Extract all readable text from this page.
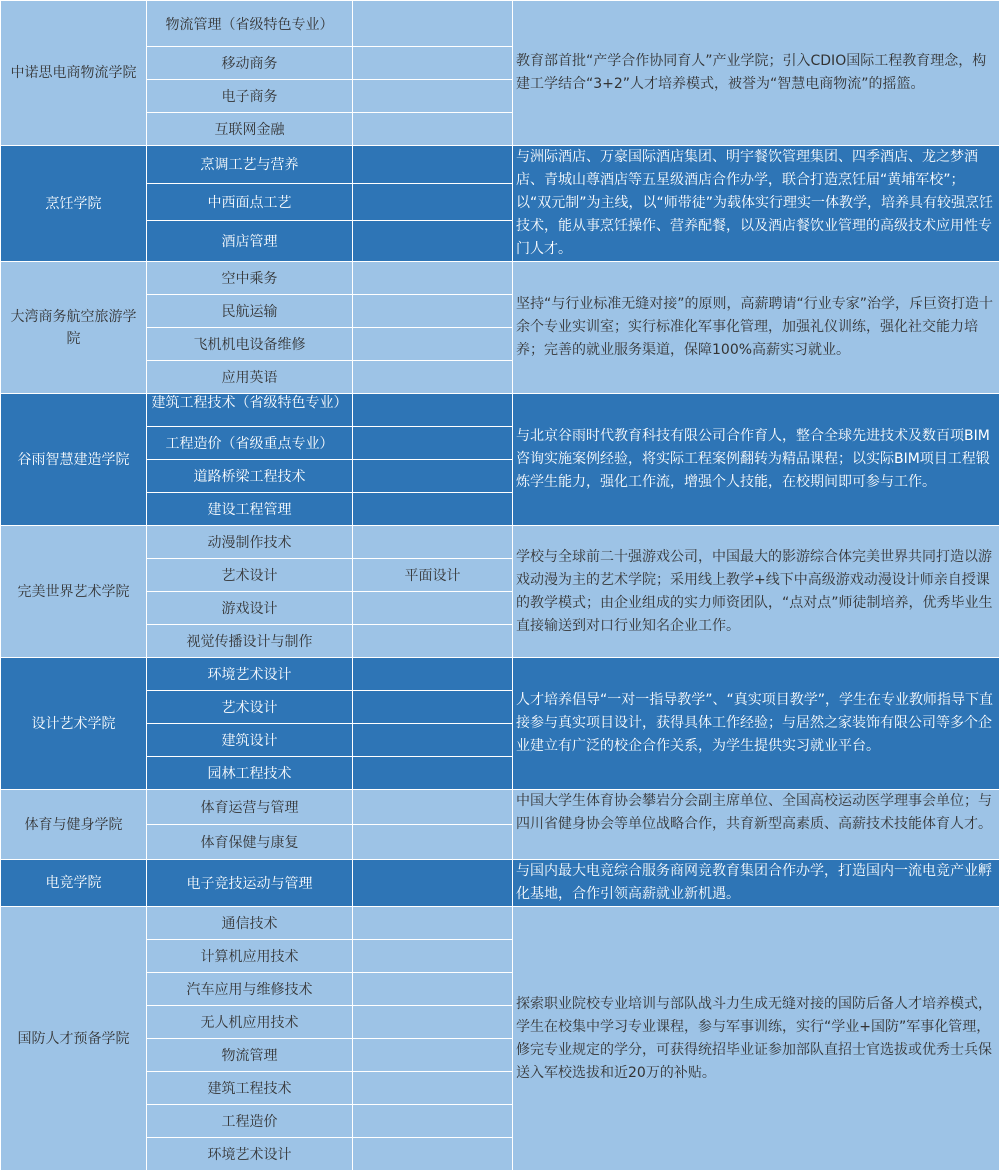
中诺思电商物流学院	物流管理（省级特色专业）		教育部首批“产学合作协同育人”产业学院；引入CDIO国际工程教育理念，构建工学结合“3+2”人才培养模式，被誉为“智慧电商物流”的摇篮。
	移动商务		
	电子商务		
	互联网金融		
烹饪学院	烹调工艺与营养		与洲际酒店、万豪国际酒店集团、明宇餐饮管理集团、四季酒店、龙之梦酒店、青城山尊酒店等五星级酒店合作办学，联合打造烹饪届“黄埔军校”；以“双元制”为主线，以“师带徒”为载体实行理实一体教学，培养具有较强烹饪技术，能从事烹饪操作、营养配餐，以及酒店餐饮业管理的高级技术应用性专门人才。
	中西面点工艺		
	酒店管理		
大湾商务航空旅游学院	空中乘务		坚持“与行业标准无缝对接”的原则，高薪聘请“行业专家”治学，斥巨资打造十余个专业实训室；实行标准化军事化管理，加强礼仪训练，强化社交能力培养；完善的就业服务渠道，保障100%高薪实习就业。
	民航运输		
	飞机机电设备维修		
	应用英语		
谷雨智慧建造学院	建筑工程技术（省级特色专业）		与北京谷雨时代教育科技有限公司合作育人，整合全球先进技术及数百项BIM咨询实施案例经验，将实际工程案例翻转为精品课程；以实际BIM项目工程锻炼学生能力，强化工作流，增强个人技能，在校期间即可参与工作。
	工程造价（省级重点专业）		
	道路桥梁工程技术		
	建设工程管理		
完美世界艺术学院	动漫制作技术		学校与全球前二十强游戏公司，中国最大的影游综合体完美世界共同打造以游戏动漫为主的艺术学院；采用线上教学+线下中高级游戏动漫设计师亲自授课的教学模式；由企业组成的实力师资团队，“点对点”师徒制培养，优秀毕业生直接输送到对口行业知名企业工作。
	艺术设计	平面设计	
	游戏设计		
	视觉传播设计与制作		
设计艺术学院	环境艺术设计		人才培养倡导“一对一指导教学”、“真实项目教学”，学生在专业教师指导下直接参与真实项目设计，获得具体工作经验；与居然之家装饰有限公司等多个企业建立有广泛的校企合作关系，为学生提供实习就业平台。
	艺术设计		
	建筑设计		
	园林工程技术		
体育与健身学院	体育运营与管理		中国大学生体育协会攀岩分会副主席单位、全国高校运动医学理事会单位；与四川省健身协会等单位战略合作，共育新型高素质、高薪技术技能体育人才。
	体育保健与康复		
电竞学院	电子竞技运动与管理		与国内最大电竞综合服务商网竞教育集团合作办学，打造国内一流电竞产业孵化基地，合作引领高薪就业新机遇。
国防人才预备学院	通信技术		探索职业院校专业培训与部队战斗力生成无缝对接的国防后备人才培养模式，学生在校集中学习专业课程，参与军事训练，实行“学业+国防”军事化管理，修完专业规定的学分，可获得统招毕业证参加部队直招士官选拔或优秀士兵保送入军校选拔和近20万的补贴。
	计算机应用技术		
	汽车应用与维修技术		
	无人机应用技术		
	物流管理		
	建筑工程技术		
	工程造价		
	环境艺术设计		
